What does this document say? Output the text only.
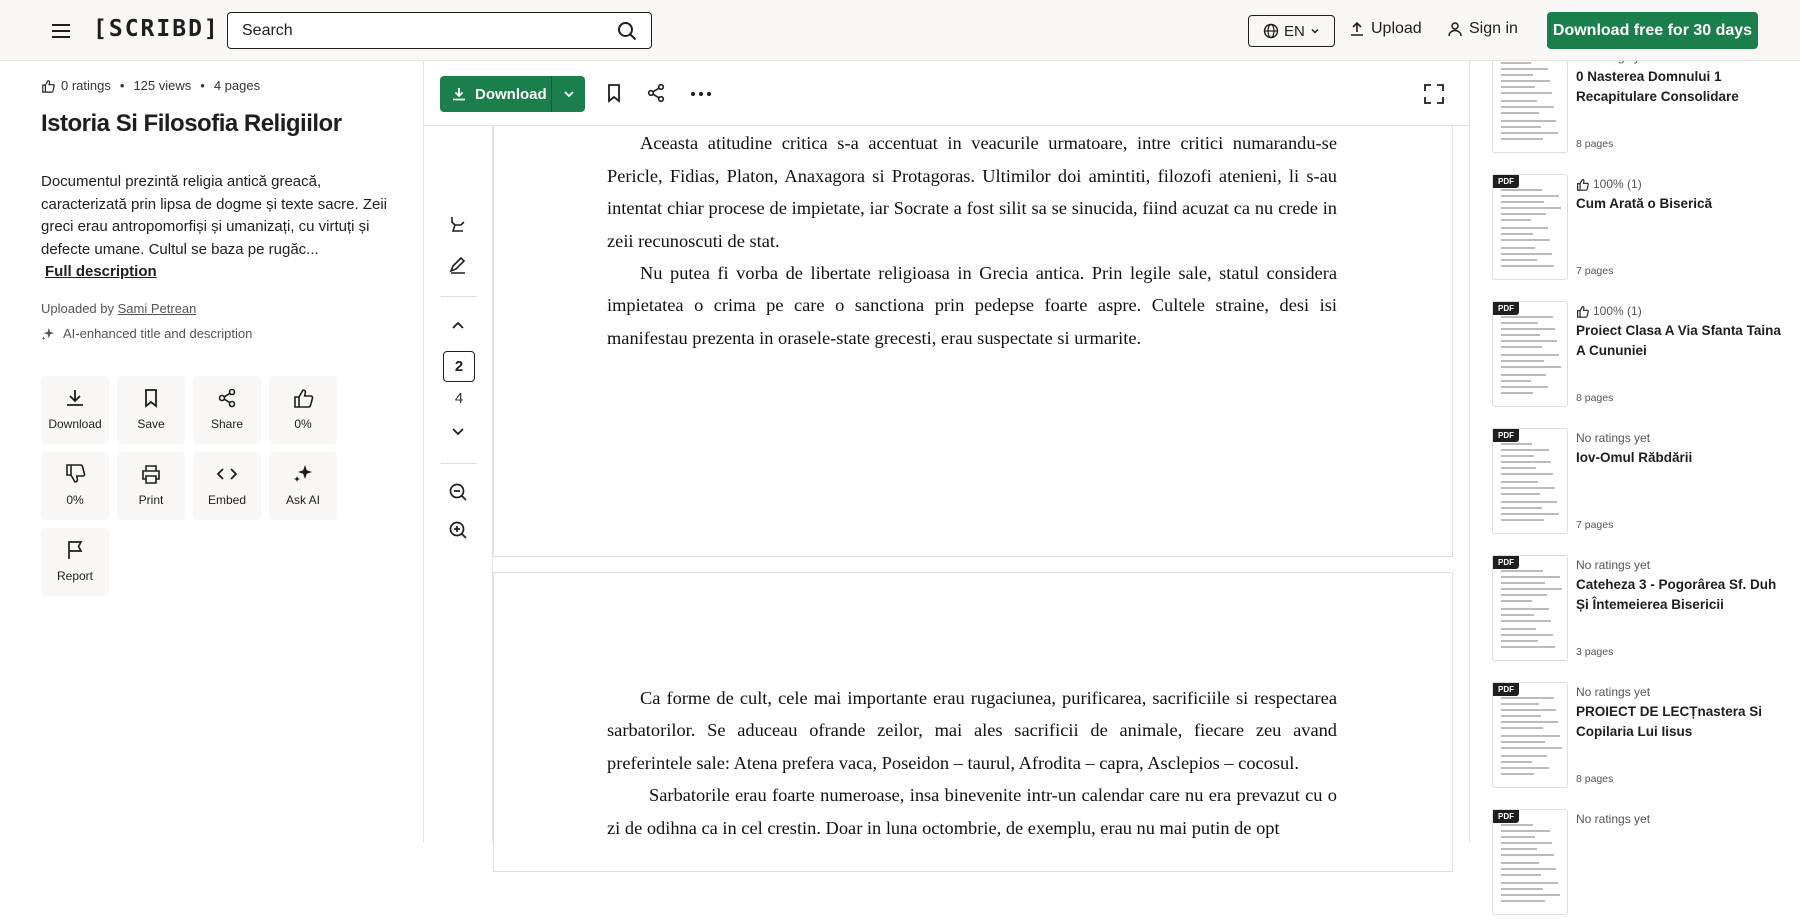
[SCRIBD]
Search	EN	Upload	Sign in	Download free for 30 days
0 ratings • 125 views • 4 pages
Istoria Si Filosofia Religiilor
Documentul prezintă religia antică greacă, caracterizată prin lipsa de dogme și texte sacre. Zeii greci erau antropomorfiși și umanizați, cu virtuți și defecte umane. Cultul se baza pe rugăc...
Full description
Uploaded by Sami Petrean
AI-enhanced title and description
Download	Save	Share	0%
0%	Print	Embed	Ask AI
Report

Aceasta atitudine critica s-a accentuat in veacurile urmatoare, intre critici numarandu-se Pericle, Fidias, Platon, Anaxagora si Protagoras. Ultimilor doi amintiti, filozofi atenieni, li s-au intentat chiar procese de impietate, iar Socrate a fost silit sa se sinucida, fiind acuzat ca nu crede in zeii recunoscuti de stat.

Nu putea fi vorba de libertate religioasa in Grecia antica. Prin legile sale, statul considera impietatea o crima pe care o sanctiona prin pedepse foarte aspre. Cultele straine, desi isi manifestau prezenta in orasele-state grecesti, erau suspectate si urmarite.

Ca forme de cult, cele mai importante erau rugaciunea, purificarea, sacrificiile si respectarea sarbatorilor. Se aduceau ofrande zeilor, mai ales sacrificii de animale, fiecare zeu avand preferintele sale: Atena prefera vaca, Poseidon – taurul, Afrodita – capra, Asclepios – cocosul.

Sarbatorile erau foarte numeroase, insa binevenite intr-un calendar care nu era prevazut cu o zi de odihna ca in cel crestin. Doar in luna octombrie, de exemplu, erau nu mai putin de opt

Download
2
4
0 Nasterea Domnului 1 Recapitulare Consolidare
8 pages
PDF	100% (1)
Cum Arată o Biserică
7 pages
PDF	100% (1)
Proiect Clasa A Via Sfanta Taina A Cununiei
8 pages
PDF	No ratings yet
Iov-Omul Răbdării
7 pages
PDF	No ratings yet
Cateheza 3 - Pogorârea Sf. Duh Și Întemeierea Bisericii
3 pages
PDF	No ratings yet
PROIECT DE LECȚnastera Si Copilaria Lui Iisus
8 pages
PDF	No ratings yet
